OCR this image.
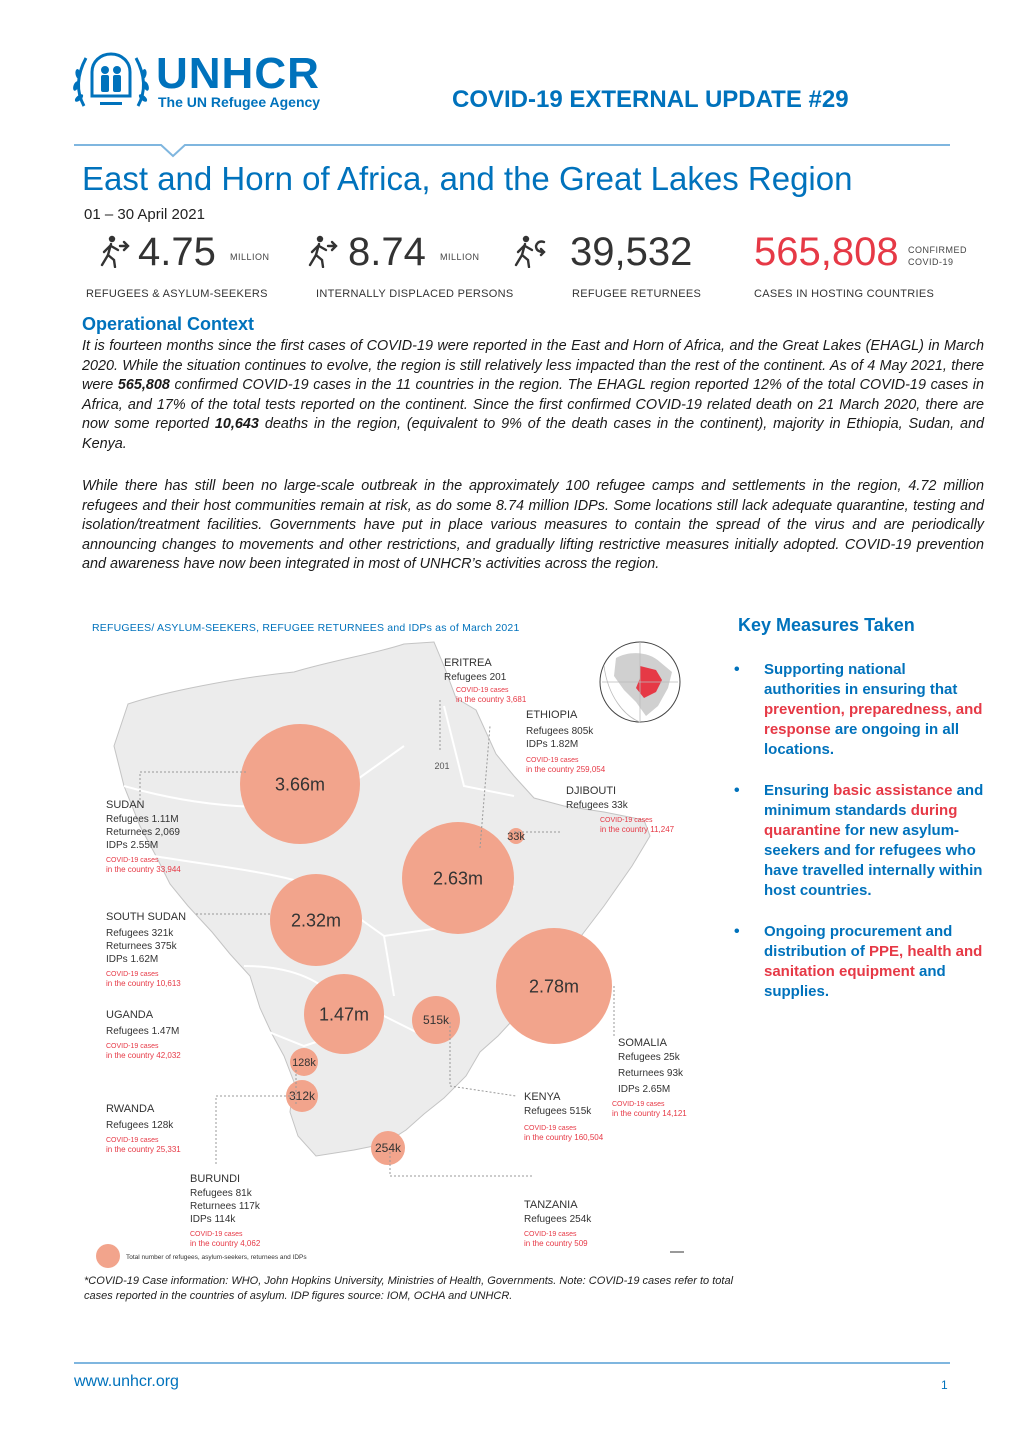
UNHCR
The UN Refugee Agency	COVID-19 EXTERNAL UPDATE #29
East and Horn of Africa, and the Great Lakes Region
01 – 30 April 2021
4.75 MILLION
REFUGEES & ASYLUM-SEEKERS
8.74 MILLION
INTERNALLY DISPLACED PERSONS
39,532
REFUGEE RETURNEES
565,808 CONFIRMED COVID-19
CASES IN HOSTING COUNTRIES
Operational Context

It is fourteen months since the first cases of COVID-19 were reported in the East and Horn of Africa, and the Great Lakes (EHAGL) in March 2020. While the situation continues to evolve, the region is still relatively less impacted than the rest of the continent. As of 4 May 2021, there were 565,808 confirmed COVID-19 cases in the 11 countries in the region. The EHAGL region reported 12% of the total COVID-19 cases in Africa, and 17% of the total tests reported on the continent. Since the first confirmed COVID-19 related death on 21 March 2020, there are now some reported 10,643 deaths in the region, (equivalent to 9% of the death cases in the continent), majority in Ethiopia, Sudan, and Kenya.

While there has still been no large-scale outbreak in the approximately 100 refugee camps and settlements in the region, 4.72 million refugees and their host communities remain at risk, as do some 8.74 million IDPs. Some locations still lack adequate quarantine, testing and isolation/treatment facilities. Governments have put in place various measures to contain the spread of the virus and are periodically announcing changes to movements and other restrictions, and gradually lifting restrictive measures initially adopted. COVID-19 prevention and awareness have now been integrated in most of UNHCR’s activities across the region.

REFUGEES/ ASYLUM-SEEKERS, REFUGEE RETURNEES and IDPs as of March 2021
3.66m
2.63m
2.32m
2.78m
1.47m	515k
128k
312k
254k
33k
201
ERITREA
Refugees 201
COVID-19 cases
in the country 3,681
ETHIOPIA
Refugees 805k
IDPs 1.82M
COVID-19 cases
in the country 259,054
DJIBOUTI
Refugees 33k
COVID-19 cases
in the country 11,247
SUDAN
Refugees 1.11M
Returnees 2,069
IDPs 2.55M
COVID-19 cases
in the country 33,944
SOUTH SUDAN
Refugees 321k
Returnees 375k
IDPs 1.62M
COVID-19 cases
in the country 10,613
UGANDA
Refugees 1.47M
COVID-19 cases
in the country 42,032
RWANDA
Refugees 128k
COVID-19 cases
in the country 25,331
BURUNDI
Refugees 81k
Returnees 117k
IDPs 114k
COVID-19 cases
in the country 4,062
SOMALIA
Refugees 25k
Returnees 93k
IDPs 2.65M
COVID-19 cases
in the country 14,121
KENYA
Refugees 515k
COVID-19 cases
in the country 160,504
TANZANIA
Refugees 254k
COVID-19 cases
in the country 509
Total number of refugees, asylum-seekers, returnees and IDPs
Key Measures Taken
• Supporting national authorities in ensuring that prevention, preparedness, and response are ongoing in all locations.
• Ensuring basic assistance and minimum standards during quarantine for new asylum-seekers and for refugees who have travelled internally within host countries.
• Ongoing procurement and distribution of PPE, health and sanitation equipment and supplies.
*COVID-19 Case information: WHO, John Hopkins University, Ministries of Health, Governments. Note: COVID-19 cases refer to total cases reported in the countries of asylum. IDP figures source: IOM, OCHA and UNHCR.
www.unhcr.org	1
